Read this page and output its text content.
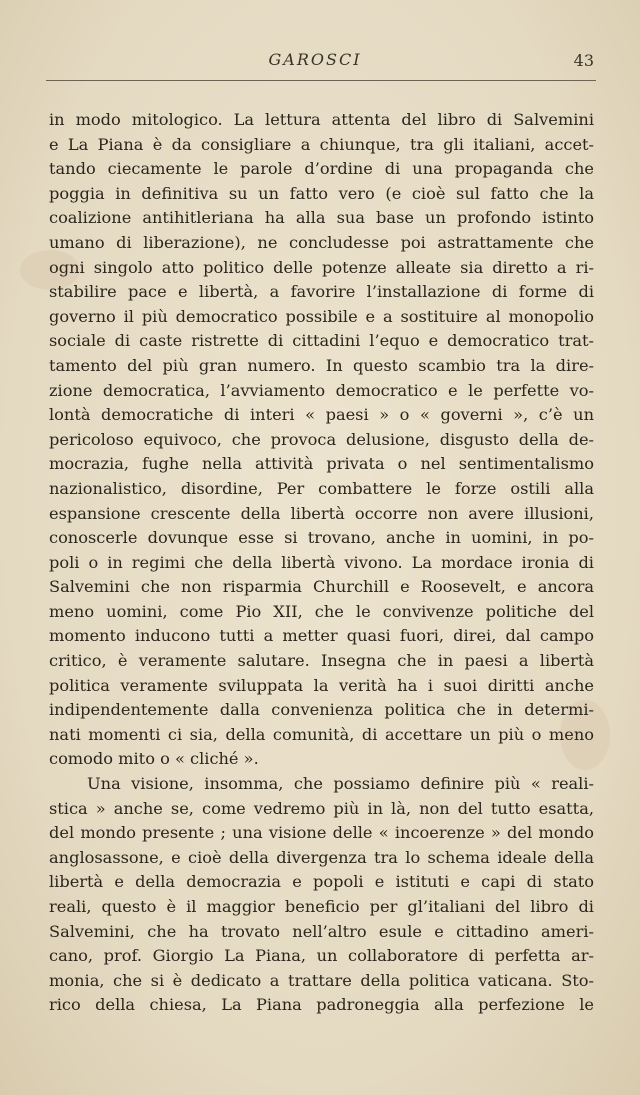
GAROSCI	43
in modo mitologico. La lettura attenta del libro di Salvemini
e La Piana è da consigliare a chiunque, tra gli italiani, accet-
tando ciecamente le parole d’ordine di una propaganda che
poggia in definitiva su un fatto vero (e cioè sul fatto che la
coalizione antihitleriana ha alla sua base un profondo istinto
umano di liberazione), ne concludesse poi astrattamente che
ogni singolo atto politico delle potenze alleate sia diretto a ri-
stabilire pace e libertà, a favorire l’installazione di forme di
governo il più democratico possibile e a sostituire al monopolio
sociale di caste ristrette di cittadini l’equo e democratico trat-
tamento del più gran numero. In questo scambio tra la dire-
zione democratica, l’avviamento democratico e le perfette vo-
lontà democratiche di interi « paesi » o « governi », c’è un
pericoloso equivoco, che provoca delusione, disgusto della de-
mocrazia, fughe nella attività privata o nel sentimentalismo
nazionalistico, disordine, Per combattere le forze ostili alla
espansione crescente della libertà occorre non avere illusioni,
conoscerle dovunque esse si trovano, anche in uomini, in po-
poli o in regimi che della libertà vivono. La mordace ironia di
Salvemini che non risparmia Churchill e Roosevelt, e ancora
meno uomini, come Pio XII, che le convivenze politiche del
momento inducono tutti a metter quasi fuori, direi, dal campo
critico, è veramente salutare. Insegna che in paesi a libertà
politica veramente sviluppata la verità ha i suoi diritti anche
indipendentemente dalla convenienza politica che in determi-
nati momenti ci sia, della comunità, di accettare un più o meno
comodo mito o « cliché ».
Una visione, insomma, che possiamo definire più « reali-
stica » anche se, come vedremo più in là, non del tutto esatta,
del mondo presente ; una visione delle « incoerenze » del mondo
anglosassone, e cioè della divergenza tra lo schema ideale della
libertà e della democrazia e popoli e istituti e capi di stato
reali, questo è il maggior beneficio per gl’italiani del libro di
Salvemini, che ha trovato nell’altro esule e cittadino ameri-
cano, prof. Giorgio La Piana, un collaboratore di perfetta ar-
monia, che si è dedicato a trattare della politica vaticana. Sto-
rico della chiesa, La Piana padroneggia alla perfezione le
